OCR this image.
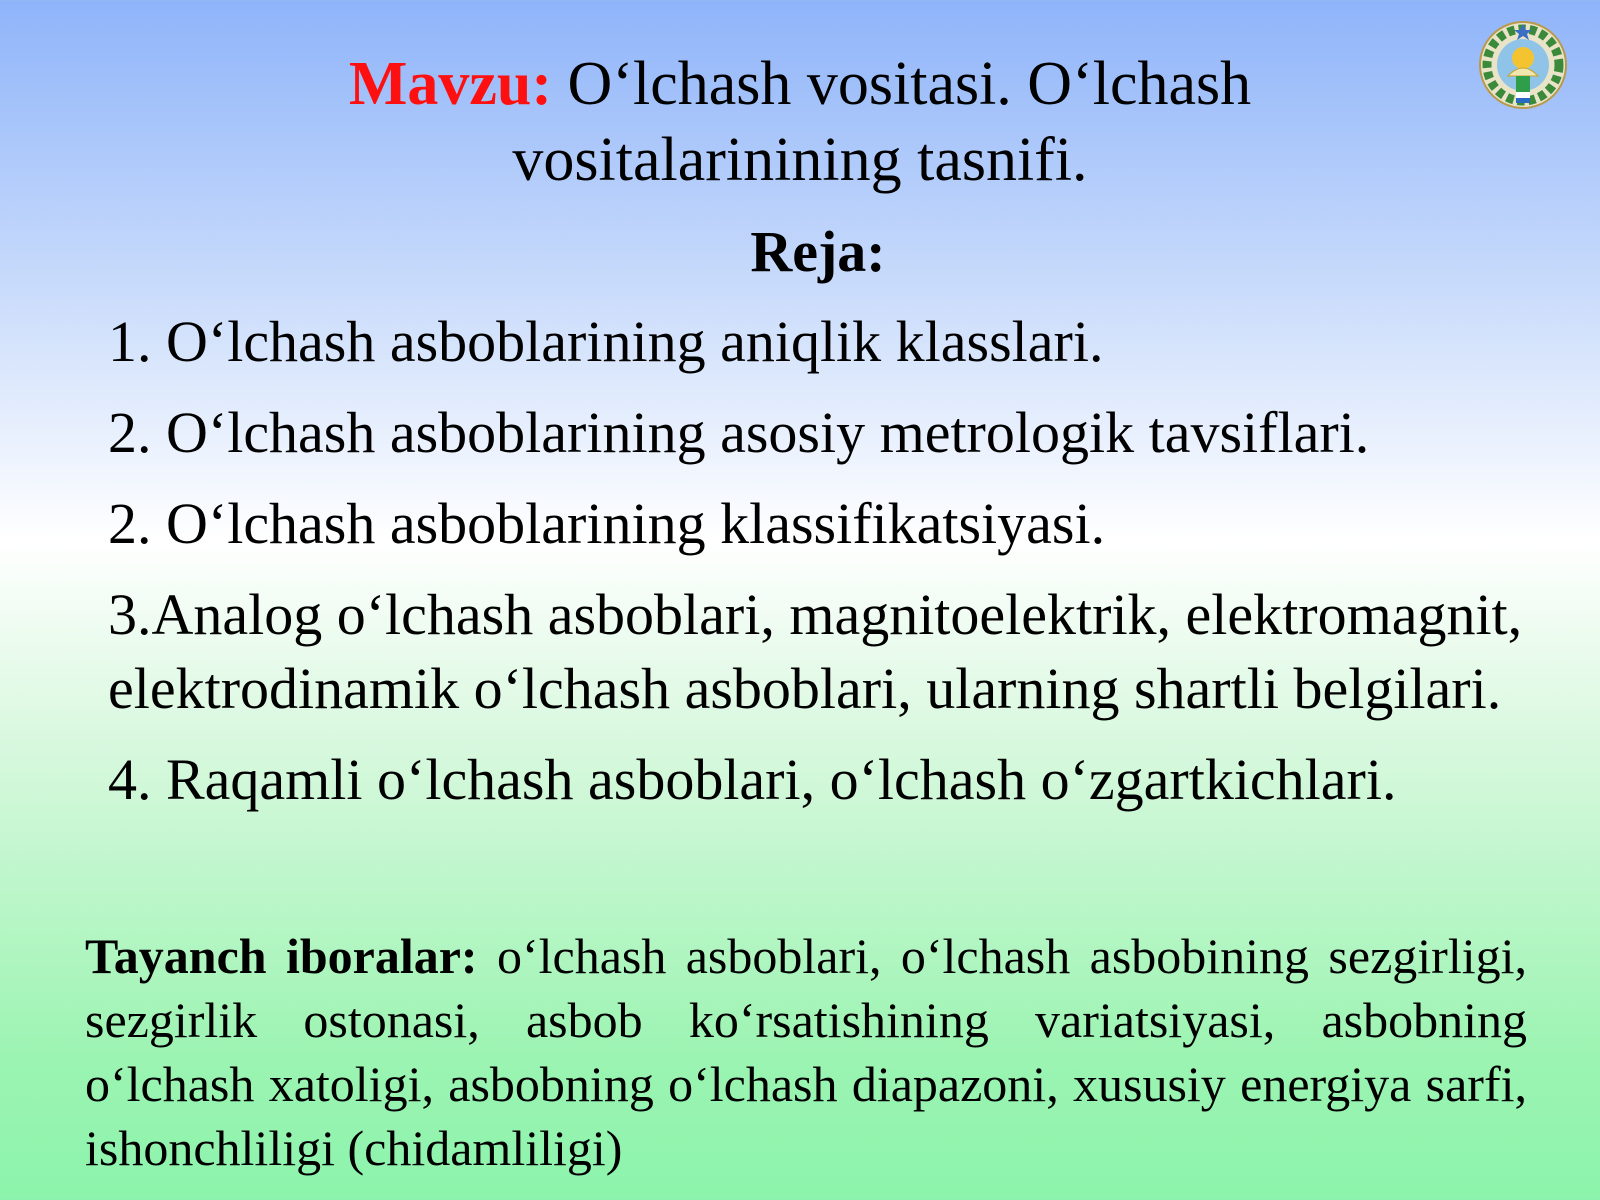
Mavzu: O‘lchash vositasi. O‘lchash vositalarinining tasnifi.
Reja:
1. O‘lchash asboblarining aniqlik klasslari.
2. O‘lchash asboblarining asosiy metrologik tavsiflari.
2. O‘lchash asboblarining klassifikatsiyasi.
3.Analog o‘lchash asboblari, magnitoelektrik, elektromagnit, elektrodinamik o‘lchash asboblari, ularning shartli belgilari.
4. Raqamli o‘lchash asboblari, o‘lchash o‘zgartkichlari.

Tayanch iboralar: o‘lchash asboblari, o‘lchash asbobining sezgirligi, sezgirlik ostonasi, asbob ko‘rsatishining variatsiyasi, asbobning o‘lchash xatoligi, asbobning o‘lchash diapazoni, xususiy energiya sarfi, ishonchliligi (chidamliligi)
